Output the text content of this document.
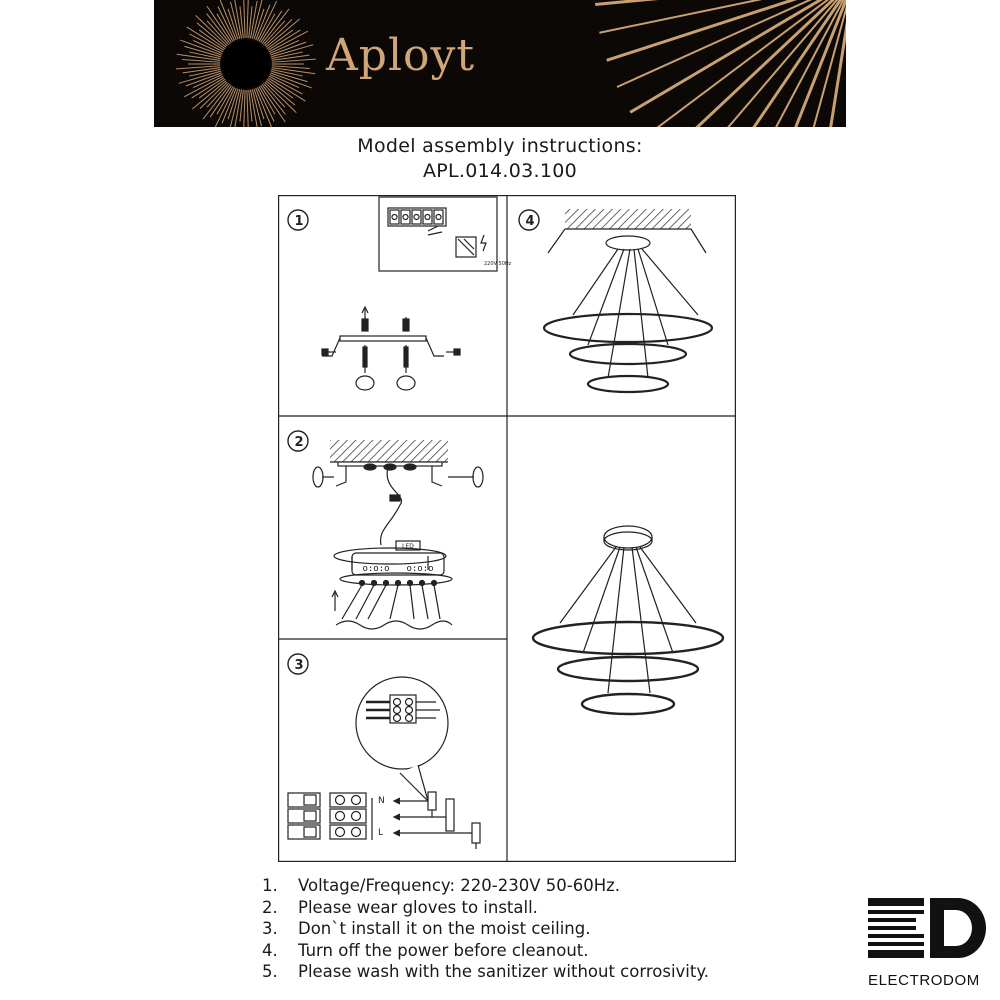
Aployt
Model assembly instructions:
APL.014.03.100
220V 50Hz
1	4
LED
o:o:o o:o:o
2
N
L
3
1. Voltage/Frequency: 220-230V 50-60Hz.
2. Please wear gloves to install.
3. Don`t install it on the moist ceiling.
4. Turn off the power before cleanout.
5. Please wash with the sanitizer without corrosivity.	ELECTRODOM
